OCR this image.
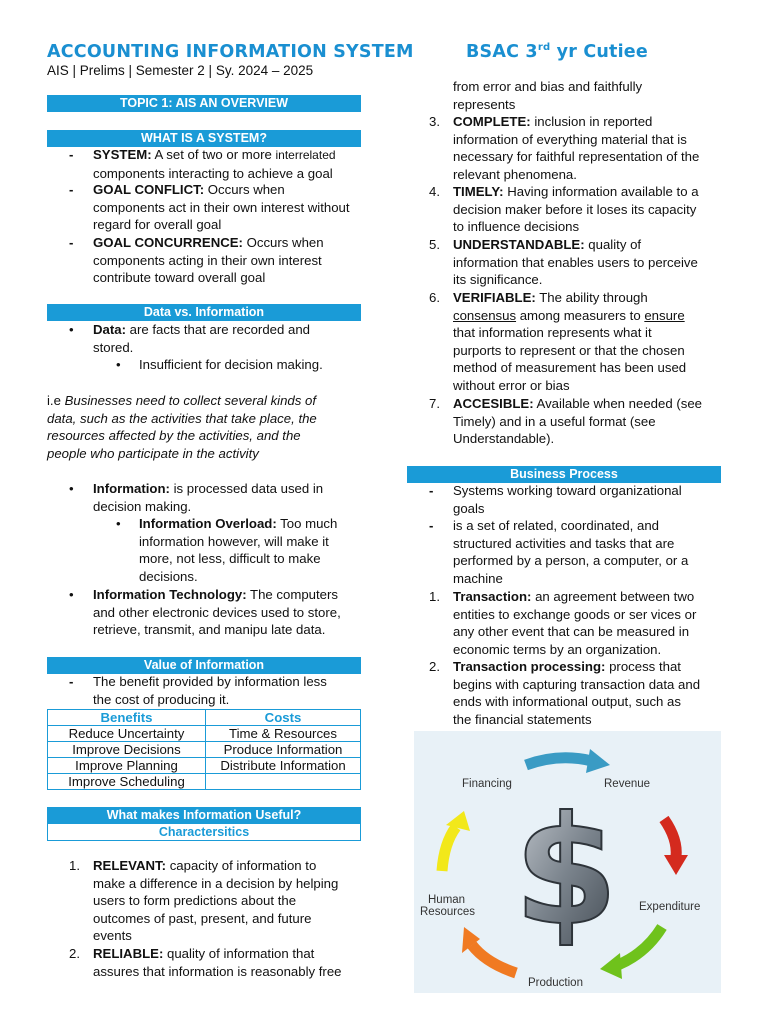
ACCOUNTING INFORMATION SYSTEM	BSAC 3rd yr Cutiee
AIS | Prelims | Semester 2 | Sy. 2024 – 2025
TOPIC 1: AIS AN OVERVIEW
WHAT IS A SYSTEM?
- SYSTEM: A set of two or more interrelated
components interacting to achieve a goal
- GOAL CONFLICT: Occurs when
components act in their own interest without regard for overall goal
- GOAL CONCURRENCE: Occurs when
components acting in their own interest contribute toward overall goal
Data vs. Information
• Data: are facts that are recorded and
stored.
• Insufficient for decision making.
i.e Businesses need to collect several kinds of
data, such as the activities that take place, the
resources affected by the activities, and the
people who participate in the activity
• Information: is processed data used in
decision making.
• Information Overload: Too much
information however, will make it
more, not less, difficult to make
decisions.
• Information Technology: The computers
and other electronic devices used to store,
retrieve, transmit, and manipu late data.
Value of Information
- The benefit provided by information less
the cost of producing it.
Benefits	Costs
Reduce Uncertainty	Time & Resources
Improve Decisions	Produce Information
Improve Planning	Distribute Information
Improve Scheduling	
What makes Information Useful?
Charactersitics
1. RELEVANT: capacity of information to
make a difference in a decision by helping
users to form predictions about the
outcomes of past, present, and future
events
2. RELIABLE: quality of information that
assures that information is reasonably free
from error and bias and faithfully
represents
3. COMPLETE: inclusion in reported
information of everything material that is
necessary for faithful representation of the
relevant phenomena.
4. TIMELY: Having information available to a
decision maker before it loses its capacity
to influence decisions
5. UNDERSTANDABLE: quality of
information that enables users to perceive
its significance.
6. VERIFIABLE: The ability through
consensus among measurers to ensure
that information represents what it
purports to represent or that the chosen
method of measurement has been used
without error or bias
7. ACCESIBLE: Available when needed (see
Timely) and in a useful format (see
Understandable).
Business Process
- Systems working toward organizational
goals
- is a set of related, coordinated, and
structured activities and tasks that are
performed by a person, a computer, or a
machine
1. Transaction: an agreement between two
entities to exchange goods or ser vices or
any other event that can be measured in
economic terms by an organization.
2. Transaction processing: process that
begins with capturing transaction data and
ends with informational output, such as
the financial statements
$
Financing	Revenue
Expenditure
Production
Human
Resources
